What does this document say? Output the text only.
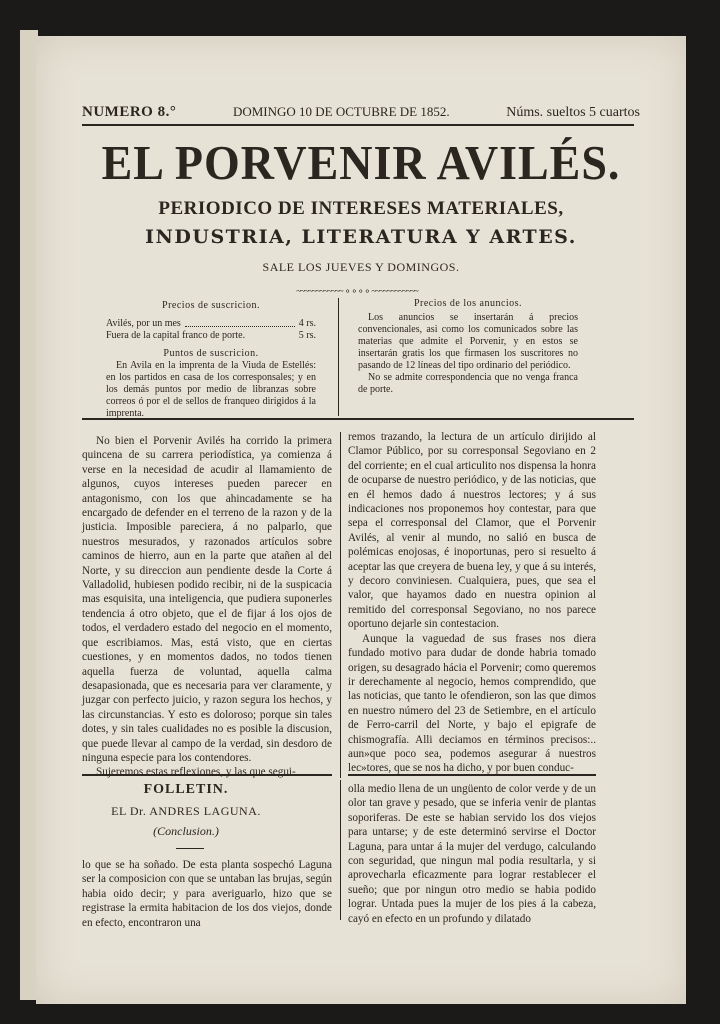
NUMERO 8.°	DOMINGO 10 DE OCTUBRE DE 1852.	Núms. sueltos 5 cuartos
EL PORVENIR AVILÉS.
PERIODICO DE INTERESES MATERIALES,
INDUSTRIA, LITERATURA Y ARTES.
SALE LOS JUEVES Y DOMINGOS.
~~~~~~~~~~~~ ⚬⚬⚬⚬ ~~~~~~~~~~~~
Precios de suscricion.
Avilés, por un mes	4 rs.
Fuera de la capital franco de porte.	5 rs.
Puntos de suscricion.
En Avila en la imprenta de la Viuda de Estellés: en los partidos en casa de los corresponsales; y en los demás puntos por medio de libranzas sobre correos ó por el de sellos de franqueo dirigidos á la imprenta.
Precios de los anuncios.
Los anuncios se insertarán á precios convencionales, asi como los comunicados sobre las materias que admite el Porvenir, y en estos se insertarán gratis los que firmasen los suscritores no pasando de 12 líneas del tipo ordinario del periódico.
No se admite correspondencia que no venga franca de porte.

No bien el Porvenir Avilés ha corrido la primera quincena de su carrera periodística, ya comienza á verse en la necesidad de acudir al llamamiento de algunos, cuyos intereses pueden parecer en antagonismo, con los que ahincadamente se ha encargado de defender en el terreno de la razon y de la justicia. Imposible pareciera, á no palparlo, que nuestros mesurados, y razonados artículos sobre caminos de hierro, aun en la parte que atañen al del Norte, y su direccion aun pendiente desde la Corte á Valladolid, hubiesen podido recibir, ni de la suspicacia mas esquisita, una inteligencia, que pudiera suponerles tendencia á otro objeto, que el de fijar á los ojos de todos, el verdadero estado del negocio en el momento, que escribiamos. Mas, está visto, que en ciertas cuestiones, y en momentos dados, no todos tienen aquella fuerza de voluntad, aquella calma desapasionada, que es necesaria para ver claramente, y juzgar con perfecto juicio, y razon segura los hechos, y las circunstancias. Y esto es doloroso; porque sin tales dotes, y sin tales cualidades no es posible la discusion, que puede llevar al campo de la verdad, sin desdoro de ninguna especie para los contendores.

Sujeremos estas reflexiones, y las que segui-

remos trazando, la lectura de un artículo dirijido al Clamor Público, por su corresponsal Segoviano en 2 del corriente; en el cual articulito nos dispensa la honra de ocuparse de nuestro periódico, y de las noticias, que en él hemos dado á nuestros lectores; y á sus indicaciones nos proponemos hoy contestar, para que sepa el corresponsal del Clamor, que el Porvenir Avilés, al venir al mundo, no salió en busca de polémicas enojosas, é inoportunas, pero si resuelto á aceptar las que creyera de buena ley, y que á su interés, y decoro conviniesen. Cualquiera, pues, que sea el valor, que hayamos dado en nuestra opinion al remitido del corresponsal Segoviano, no nos parece oportuno dejarle sin contestacion.

Aunque la vaguedad de sus frases nos diera fundado motivo para dudar de donde habria tomado origen, su desagrado hácia el Porvenir; como queremos ir derechamente al negocio, hemos comprendido, que las noticias, que tanto le ofendieron, son las que dimos en nuestro número del 23 de Setiembre, en el artículo de Ferro-carril del Norte, y bajo el epigrafe de chismografía. Alli deciamos en términos precisos:.. aun»que poco sea, podemos asegurar á nuestros lec»tores, que se nos ha dicho, y por buen conduc-

FOLLETIN.
EL Dr. ANDRES LAGUNA.
(Conclusion.)

lo que se ha soñado. De esta planta sospechó Laguna ser la composicion con que se untaban las brujas, según habia oido decir; y para averiguarlo, hizo que se registrase la ermita habitacion de los dos viejos, donde en efecto, encontraron una

olla medio llena de un ungüento de color verde y de un olor tan grave y pesado, que se inferia venir de plantas soporiferas. De este se habian servido los dos viejos para untarse; y de este determinó servirse el Doctor Laguna, para untar á la mujer del verdugo, calculando con seguridad, que ningun mal podia resultarla, y si aprovecharla eficazmente para lograr restablecer el sueño; que por ningun otro medio se habia podido lograr. Untada pues la mujer de los pies á la cabeza, cayó en efecto en un profundo y dilatado
